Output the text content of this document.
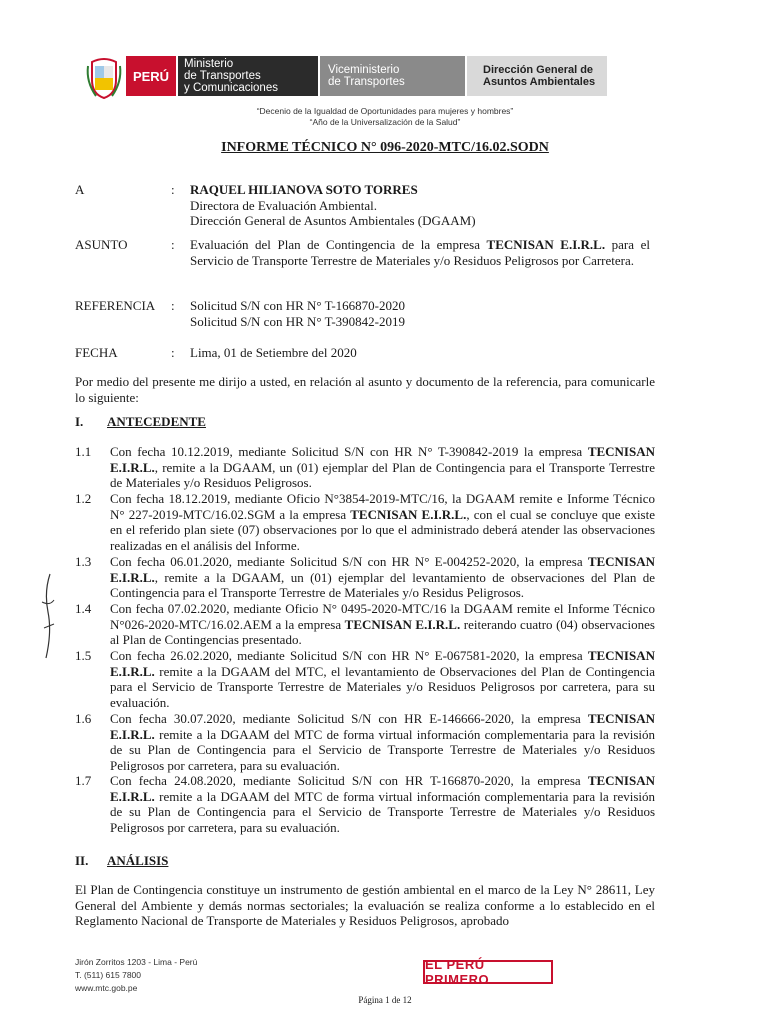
PERÚ
Ministerio
de Transportes
y Comunicaciones
Viceministerio
de Transportes
Dirección General de
Asuntos Ambientales
“Decenio de la Igualdad de Oportunidades para mujeres y hombres”
“Año de la Universalización de la Salud”
INFORME TÉCNICO N° 096-2020-MTC/16.02.SODN
A	: RAQUEL HILIANOVA SOTO TORRES
Directora de Evaluación Ambiental.
Dirección General de Asuntos Ambientales (DGAAM)
ASUNTO	: Evaluación del Plan de Contingencia de la empresa TECNISAN E.I.R.L. para el Servicio de Transporte Terrestre de Materiales y/o Residuos Peligrosos por Carretera.
REFERENCIA : Solicitud S/N con HR N° T-166870-2020
Solicitud S/N con HR N° T-390842-2019
FECHA	: Lima, 01 de Setiembre del 2020
Por medio del presente me dirijo a usted, en relación al asunto y documento de la referencia, para comunicarle lo siguiente:
I. ANTECEDENTE
1.1 Con fecha 10.12.2019, mediante Solicitud S/N con HR N° T-390842-2019 la empresa TECNISAN E.I.R.L., remite a la DGAAM, un (01) ejemplar del Plan de Contingencia para el Transporte Terrestre de Materiales y/o Residuos Peligrosos.
1.2 Con fecha 18.12.2019, mediante Oficio N°3854-2019-MTC/16, la DGAAM remite e Informe Técnico N° 227-2019-MTC/16.02.SGM a la empresa TECNISAN E.I.R.L., con el cual se concluye que existe en el referido plan siete (07) observaciones por lo que el administrado deberá atender las observaciones realizadas en el análisis del Informe.
1.3 Con fecha 06.01.2020, mediante Solicitud S/N con HR N° E-004252-2020, la empresa TECNISAN E.I.R.L., remite a la DGAAM, un (01) ejemplar del levantamiento de observaciones del Plan de Contingencia para el Transporte Terrestre de Materiales y/o Residus Peligrosos.
1.4 Con fecha 07.02.2020, mediante Oficio N° 0495-2020-MTC/16 la DGAAM remite el Informe Técnico N°026-2020-MTC/16.02.AEM a la empresa TECNISAN E.I.R.L. reiterando cuatro (04) observaciones al Plan de Contingencias presentado.
1.5 Con fecha 26.02.2020, mediante Solicitud S/N con HR N° E-067581-2020, la empresa TECNISAN E.I.R.L. remite a la DGAAM del MTC, el levantamiento de Observaciones del Plan de Contingencia para el Servicio de Transporte Terrestre de Materiales y/o Residuos Peligrosos por carretera, para su evaluación.
1.6 Con fecha 30.07.2020, mediante Solicitud S/N con HR E-146666-2020, la empresa TECNISAN E.I.R.L. remite a la DGAAM del MTC de forma virtual información complementaria para la revisión de su Plan de Contingencia para el Servicio de Transporte Terrestre de Materiales y/o Residuos Peligrosos por carretera, para su evaluación.
1.7 Con fecha 24.08.2020, mediante Solicitud S/N con HR T-166870-2020, la empresa TECNISAN E.I.R.L. remite a la DGAAM del MTC de forma virtual información complementaria para la revisión de su Plan de Contingencia para el Servicio de Transporte Terrestre de Materiales y/o Residuos Peligrosos por carretera, para su evaluación.
II. ANÁLISIS
El Plan de Contingencia constituye un instrumento de gestión ambiental en el marco de la Ley N° 28611, Ley General del Ambiente y demás normas sectoriales; la evaluación se realiza conforme a lo establecido en el Reglamento Nacional de Transporte de Materiales y Residuos Peligrosos, aprobado
Jirón Zorritos 1203 - Lima - Perú
T. (511) 615 7800
www.mtc.gob.pe
EL PERÚ PRIMERO
Página 1 de 12
